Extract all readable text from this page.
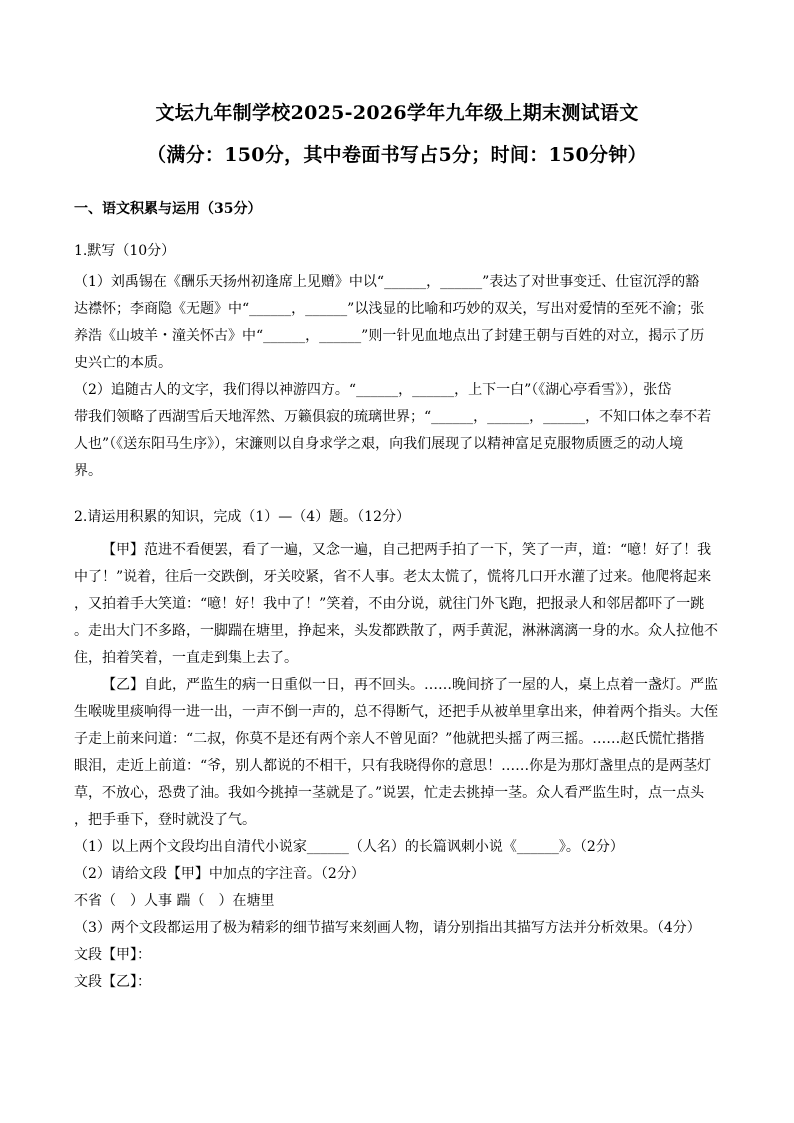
文坛九年制学校2025-2026学年九年级上期末测试语文
（满分：150分，其中卷面书写占5分；时间：150分钟）
一、语文积累与运用（35分）
1.默写（10分）
（1）刘禹锡在《酬乐天扬州初逢席上见赠》中以“______，______”表达了对世事变迁、仕宦沉浮的豁
达襟怀；李商隐《无题》中“______，______”以浅显的比喻和巧妙的双关，写出对爱情的至死不渝；张
养浩《山坡羊・潼关怀古》中“______，______”则一针见血地点出了封建王朝与百姓的对立，揭示了历
史兴亡的本质。
（2）追随古人的文字，我们得以神游四方。“______，______，上下一白”（《湖心亭看雪》），张岱
带我们领略了西湖雪后天地浑然、万籁俱寂的琉璃世界；“______，______，______，不知口体之奉不若
人也”（《送东阳马生序》），宋濂则以自身求学之艰，向我们展现了以精神富足克服物质匮乏的动人境
界。
2.请运用积累的知识，完成（1）—（4）题。（12分）
【甲】范进不看便罢，看了一遍，又念一遍，自己把两手拍了一下，笑了一声，道：“噫！好了！我
中了！”说着，往后一交跌倒，牙关咬紧，省不人事。老太太慌了，慌将几口开水灌了过来。他爬将起来
，又拍着手大笑道：“噫！好！我中了！”笑着，不由分说，就往门外飞跑，把报录人和邻居都吓了一跳
。走出大门不多路，一脚踹在塘里，挣起来，头发都跌散了，两手黄泥，淋淋漓漓一身的水。众人拉他不
住，拍着笑着，一直走到集上去了。
【乙】自此，严监生的病一日重似一日，再不回头。……晚间挤了一屋的人，桌上点着一盏灯。严监
生喉咙里痰响得一进一出，一声不倒一声的，总不得断气，还把手从被单里拿出来，伸着两个指头。大侄
子走上前来问道：“二叔，你莫不是还有两个亲人不曾见面？”他就把头摇了两三摇。……赵氏慌忙揩揩
眼泪，走近上前道：“爷，别人都说的不相干，只有我晓得你的意思！……你是为那灯盏里点的是两茎灯
草，不放心，恐费了油。我如今挑掉一茎就是了。”说罢，忙走去挑掉一茎。众人看严监生时，点一点头
，把手垂下，登时就没了气。
（1）以上两个文段均出自清代小说家______（人名）的长篇讽刺小说《______》。（2分）
（2）请给文段【甲】中加点的字注音。（2分）
不省（　）人事 踹（　）在塘里
（3）两个文段都运用了极为精彩的细节描写来刻画人物，请分别指出其描写方法并分析效果。（4分）
文段【甲】：
文段【乙】：
